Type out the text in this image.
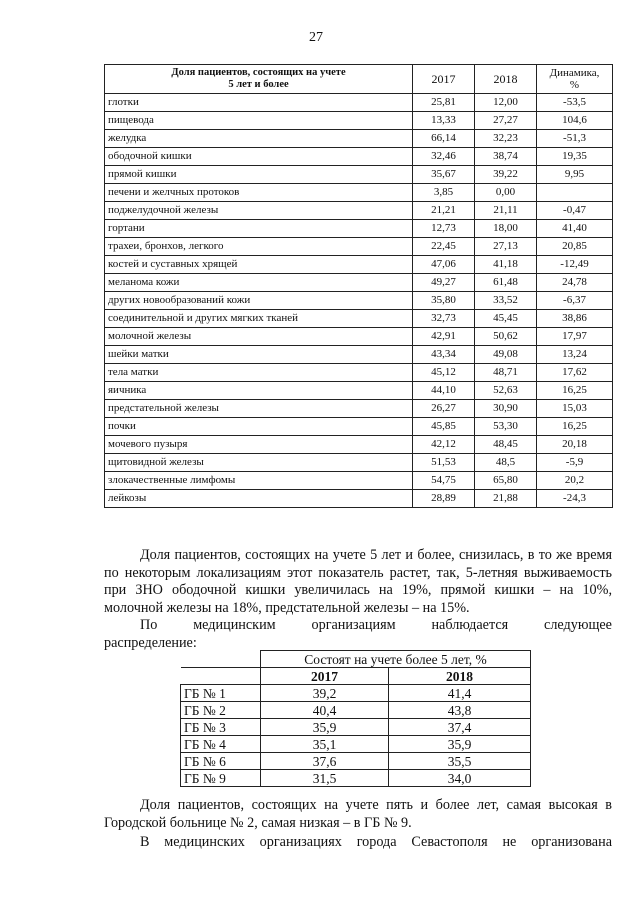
27
Доля пациентов, состоящих на учете
5 лет и более	2017	2018	Динамика,
%
глотки	25,81	12,00	-53,5
пищевода	13,33	27,27	104,6
желудка	66,14	32,23	-51,3
ободочной кишки	32,46	38,74	19,35
прямой кишки	35,67	39,22	9,95
печени и желчных протоков	3,85	0,00	
поджелудочной железы	21,21	21,11	-0,47
гортани	12,73	18,00	41,40
трахеи, бронхов, легкого	22,45	27,13	20,85
костей и суставных хрящей	47,06	41,18	-12,49
меланома кожи	49,27	61,48	24,78
других новообразований кожи	35,80	33,52	-6,37
соединительной и других мягких тканей	32,73	45,45	38,86
молочной железы	42,91	50,62	17,97
шейки матки	43,34	49,08	13,24
тела матки	45,12	48,71	17,62
яичника	44,10	52,63	16,25
предстательной железы	26,27	30,90	15,03
почки	45,85	53,30	16,25
мочевого пузыря	42,12	48,45	20,18
щитовидной железы	51,53	48,5	-5,9
злокачественные лимфомы	54,75	65,80	20,2
лейкозы	28,89	21,88	-24,3

Доля пациентов, состоящих на учете 5 лет и более, снизилась, в то же время по некоторым локализациям этот показатель растет, так, 5-летняя выживаемость при ЗНО ободочной кишки увеличилась на 19%, прямой кишки – на 10%, молочной железы на 18%, предстательной железы – на 15%.

По	медицинским	организациям	наблюдается	следующее
распределение:
	Состоят на учете более 5 лет, %	
	2017	2018
ГБ № 1	39,2	41,4
ГБ № 2	40,4	43,8
ГБ № 3	35,9	37,4
ГБ № 4	35,1	35,9
ГБ № 6	37,6	35,5
ГБ № 9	31,5	34,0

Доля пациентов, состоящих на учете пять и более лет, самая высокая в Городской больнице № 2, самая низкая – в ГБ № 9.

В медицинских организациях города Севастополя не организована
